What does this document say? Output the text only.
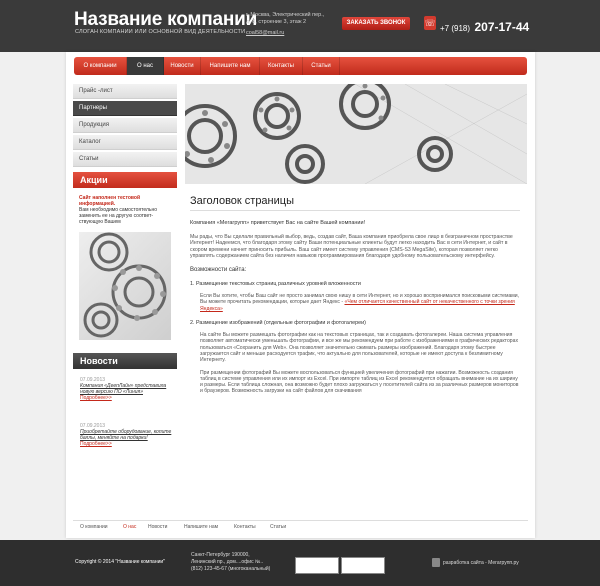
Название компании
СЛОГАН КОМПАНИИ ИЛИ ОСНОВНОЙ ВИД ДЕЯТЕЛЬНОСТИ
г. Москва, Электрический пер.,
д. 8, строение 3, этаж 2
coal58@mail.ru
ЗАКАЗАТЬ ЗВОНОК	☏
+7 (918) 207-17-44
О компании	О нас	Новости	Напишите нам	Контакты	Статьи
Прайс -лист
Партнеры
Продукция
Каталог
Статьи
Акции
Сайт наполнен тестовой информацией.
Вам необходимо самостоятельно заменить ее на другую соответ-ствующую Вашем
Новости
07.09.2013
Компания «ДеепЛайн» представила новую версию ПО «Линия»
Подробнее>>
07.09.2013
Приобретайте оборудование, копите баллы, меняйте на подарки!
Подробнее>>
Заголовок страницы
Компания «Мегагрупп» приветствует Вас на сайте Вашей компании!
Мы рады, что Вы сделали правильный выбор, ведь, создав сайт, Ваша компания приобрела свое лицо в безграничном пространстве Интернет! Надеемся, что благодаря этому сайту Ваши потенциальные клиенты будут легко находить Вас в сети Интернет, и сайт в скором времени начнет приносить прибыль. Ваш сайт имеет систему управления (CMS-S3 MegaSite), которая позволяет легко управлять содержанием сайта без наличия навыков программирования благодаря удобному пользовательскому интерфейсу.
Возможности сайта:
1. Размещение текстовых страниц различных уровней вложенности
Если Вы хотите, чтобы Ваш сайт не просто занимал свою нишу в сети Интернет, но и хорошо воспринимался поисковыми системами, Вы можете прочитать рекомендации, которые дает Яндекс - «Чем отличается качественный сайт от некачественного с точки зрения Яндекса»
2. Размещение изображений (отдельные фотографии и фотогалереи)
На сайте Вы можете размещать фотографии как на текстовых страницах, так и создавать фотогалереи. Наша система управления позволяет автоматически уменьшать фотографии, и все же мы рекомендуем при работе с изображениями в графических редакторах пользоваться «Сохранить для Web». Она позволяет значительно сжимать размеры изображений. Благодаря этому быстрее загружается сайт и меньше расходуется трафик, что актуально для пользователей, которые не имеют доступа к безлимитному Интернету.
При размещении фотографий Вы можете воспользоваться функцией увеличения фотографий при нажатии. Возможность создания таблиц в системе управления или их импорт из Excel. При импорте таблиц из Excel рекомендуется обращать внимание на их ширину и размеры. Если таблица сложная, она возможно будет плохо загружаться у посетителей сайта из за различных размеров мониторов и браузеров. Возможность загрузки на сайт файлов для скачивания
О компании	О нас Новости	Напишите нам	Контакты	Статьи
Copyright © 2014 "Название компании"
Санкт-Петербург 190000,
Ленинский пр., дом....офис №..
(812) 123-45-67 (многоканальный)
разработка сайта - Мегагрупп.ру
